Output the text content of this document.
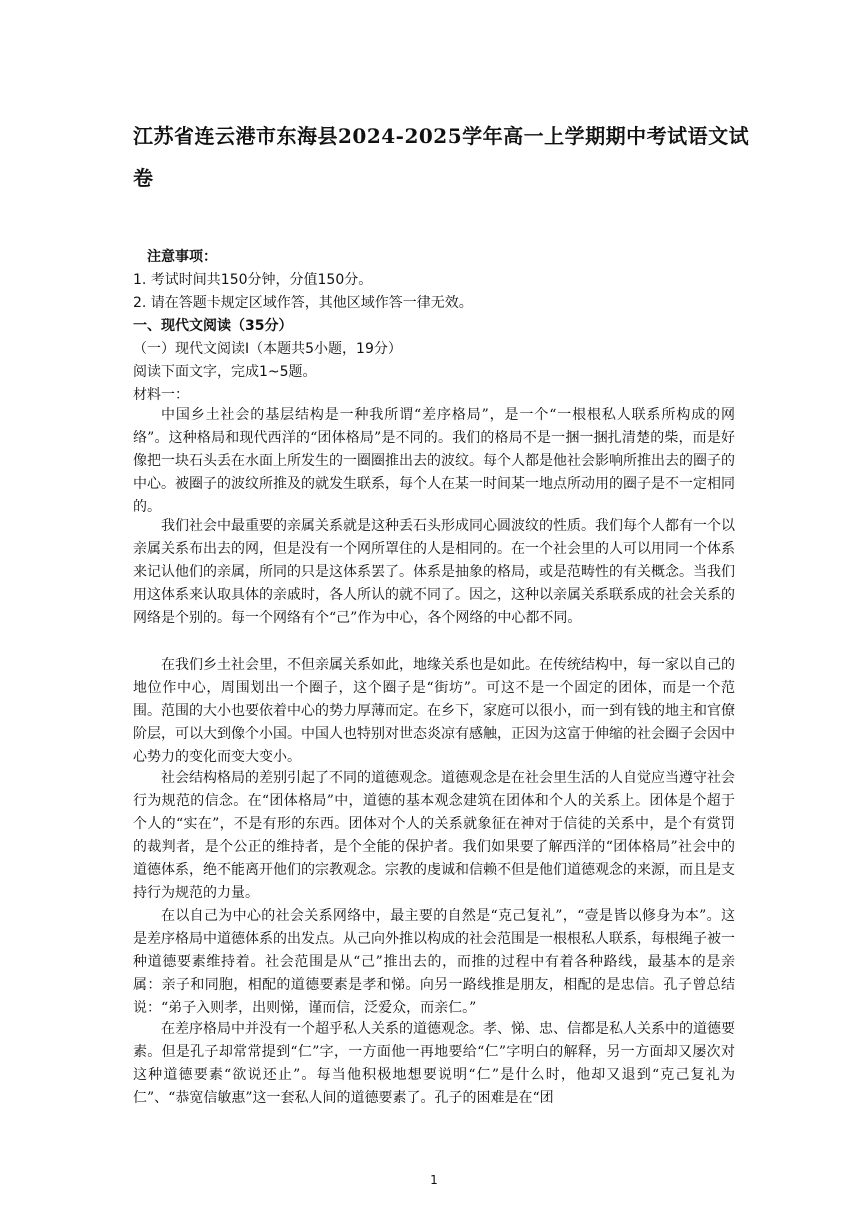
江苏省连云港市东海县2024-2025学年高一上学期期中考试语文试
卷
注意事项：
1. 考试时间共150分钟，分值150分。
2. 请在答题卡规定区域作答，其他区域作答一律无效。
一、现代文阅读（35分）
（一）现代文阅读Ⅰ（本题共5小题，19分）
阅读下面文字，完成1~5题。
材料一：

中国乡土社会的基层结构是一种我所谓“差序格局”，是一个“一根根私人联系所构成的网络”。这种格局和现代西洋的“团体格局”是不同的。我们的格局不是一捆一捆扎清楚的柴，而是好像把一块石头丢在水面上所发生的一圈圈推出去的波纹。每个人都是他社会影响所推出去的圈子的中心。被圈子的波纹所推及的就发生联系，每个人在某一时间某一地点所动用的圈子是不一定相同的。

我们社会中最重要的亲属关系就是这种丢石头形成同心圆波纹的性质。我们每个人都有一个以亲属关系布出去的网，但是没有一个网所罩住的人是相同的。在一个社会里的人可以用同一个体系来记认他们的亲属，所同的只是这体系罢了。体系是抽象的格局，或是范畴性的有关概念。当我们用这体系来认取具体的亲戚时，各人所认的就不同了。因之，这种以亲属关系联系成的社会关系的网络是个别的。每一个网络有个“己”作为中心，各个网络的中心都不同。

在我们乡土社会里，不但亲属关系如此，地缘关系也是如此。在传统结构中，每一家以自己的地位作中心，周围划出一个圈子，这个圈子是“街坊”。可这不是一个固定的团体，而是一个范围。范围的大小也要依着中心的势力厚薄而定。在乡下，家庭可以很小，而一到有钱的地主和官僚阶层，可以大到像个小国。中国人也特别对世态炎凉有感触，正因为这富于伸缩的社会圈子会因中心势力的变化而变大变小。

社会结构格局的差别引起了不同的道德观念。道德观念是在社会里生活的人自觉应当遵守社会行为规范的信念。在“团体格局”中，道德的基本观念建筑在团体和个人的关系上。团体是个超于个人的“实在”，不是有形的东西。团体对个人的关系就象征在神对于信徒的关系中，是个有赏罚的裁判者，是个公正的维持者，是个全能的保护者。我们如果要了解西洋的“团体格局”社会中的道德体系，绝不能离开他们的宗教观念。宗教的虔诚和信赖不但是他们道德观念的来源，而且是支持行为规范的力量。

在以自己为中心的社会关系网络中，最主要的自然是“克己复礼”，“壹是皆以修身为本”。这是差序格局中道德体系的出发点。从己向外推以构成的社会范围是一根根私人联系，每根绳子被一种道德要素维持着。社会范围是从“己”推出去的，而推的过程中有着各种路线，最基本的是亲属：亲子和同胞，相配的道德要素是孝和悌。向另一路线推是朋友，相配的是忠信。孔子曾总结说：“弟子入则孝，出则悌，谨而信，泛爱众，而亲仁。”

在差序格局中并没有一个超乎私人关系的道德观念。孝、悌、忠、信都是私人关系中的道德要素。但是孔子却常常提到“仁”字，一方面他一再地要给“仁”字明白的解释，另一方面却又屡次对这种道德要素“欲说还止”。每当他积极地想要说明“仁”是什么时，他却又退到“克己复礼为仁”、“恭宽信敏惠”这一套私人间的道德要素了。孔子的困难是在“团

1
